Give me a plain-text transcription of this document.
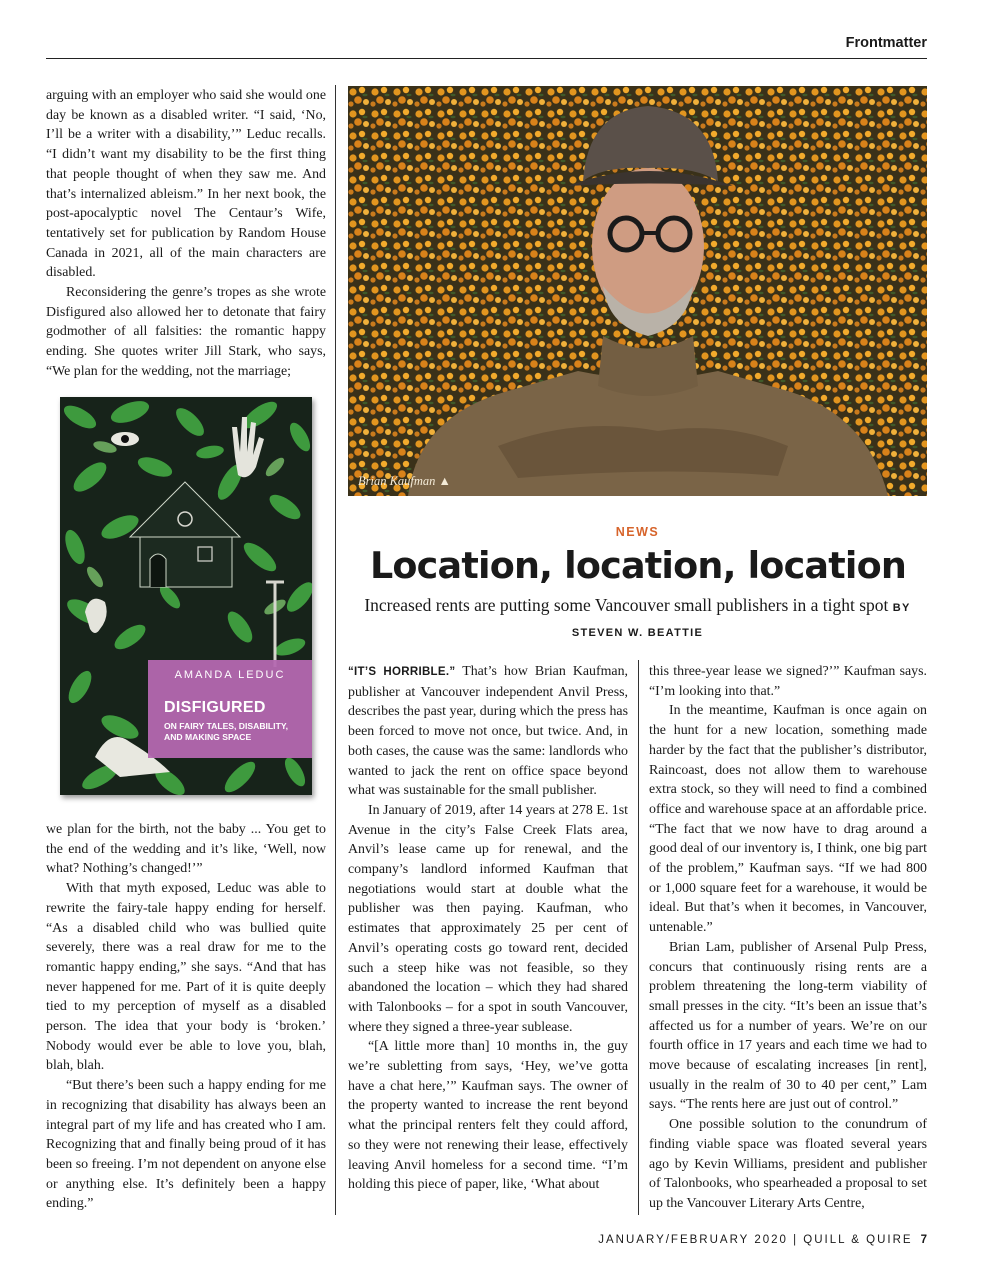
Frontmatter

arguing with an employer who said she would one day be known as a disabled writer. “I said, ‘No, I’ll be a writer with a disability,’” Leduc recalls. “I didn’t want my disability to be the first thing that people thought of when they saw me. And that’s internalized ableism.” In her next book, the post-apocalyptic novel The Centaur’s Wife, tentatively set for publication by Random House Canada in 2021, all of the main characters are disabled.

Reconsidering the genre’s tropes as she wrote Disfigured also allowed her to detonate that fairy godmother of all falsities: the romantic happy ending. She quotes writer Jill Stark, who says, “We plan for the wedding, not the marriage;

AMANDA LEDUC
DISFIGURED
ON FAIRY TALES, DISABILITY, AND MAKING SPACE

we plan for the birth, not the baby ... You get to the end of the wedding and it’s like, ‘Well, now what? Nothing’s changed!’”

With that myth exposed, Leduc was able to rewrite the fairy-tale happy ending for herself. “As a disabled child who was bullied quite severely, there was a real draw for me to the romantic happy ending,” she says. “And that has never happened for me. Part of it is quite deeply tied to my perception of myself as a disabled person. The idea that your body is ‘broken.’ Nobody would ever be able to love you, blah, blah, blah.

“But there’s been such a happy ending for me in recognizing that disability has always been an integral part of my life and has created who I am. Recognizing that and finally being proud of it has been so freeing. I’m not dependent on anyone else or anything else. It’s definitely been a happy ending.”

Brian Kaufman ▲
NEWS
Location, location, location
Increased rents are putting some Vancouver small publishers in a tight spot BY STEVEN W. BEATTIE

“IT’S HORRIBLE.” That’s how Brian Kaufman, publisher at Vancouver independent Anvil Press, describes the past year, during which the press has been forced to move not once, but twice. And, in both cases, the cause was the same: landlords who wanted to jack the rent on office space beyond what was sustainable for the small publisher.

In January of 2019, after 14 years at 278 E. 1st Avenue in the city’s False Creek Flats area, Anvil’s lease came up for renewal, and the company’s landlord informed Kaufman that negotiations would start at double what the publisher was then paying. Kaufman, who estimates that approximately 25 per cent of Anvil’s operating costs go toward rent, decided such a steep hike was not feasible, so they abandoned the location – which they had shared with Talonbooks – for a spot in south Vancouver, where they signed a three-year sublease.

“[A little more than] 10 months in, the guy we’re subletting from says, ‘Hey, we’ve gotta have a chat here,’” Kaufman says. The owner of the property wanted to increase the rent beyond what the principal renters felt they could afford, so they were not renewing their lease, effectively leaving Anvil homeless for a second time. “I’m holding this piece of paper, like, ‘What about

this three-year lease we signed?’” Kaufman says. “I’m looking into that.”

In the meantime, Kaufman is once again on the hunt for a new location, something made harder by the fact that the publisher’s distributor, Raincoast, does not allow them to warehouse extra stock, so they will need to find a combined office and warehouse space at an affordable price. “The fact that we now have to drag around a good deal of our inventory is, I think, one big part of the problem,” Kaufman says. “If we had 800 or 1,000 square feet for a warehouse, it would be ideal. But that’s when it becomes, in Vancouver, untenable.”

Brian Lam, publisher of Arsenal Pulp Press, concurs that continuously rising rents are a problem threatening the long-term viability of small presses in the city. “It’s been an issue that’s affected us for a number of years. We’re on our fourth office in 17 years and each time we had to move because of escalating increases [in rent], usually in the realm of 30 to 40 per cent,” Lam says. “The rents here are just out of control.”

One possible solution to the conundrum of finding viable space was floated several years ago by Kevin Williams, president and publisher of Talonbooks, who spearheaded a proposal to set up the Vancouver Literary Arts Centre,

JANUARY/FEBRUARY 2020 | QUILL & QUIRE 7
